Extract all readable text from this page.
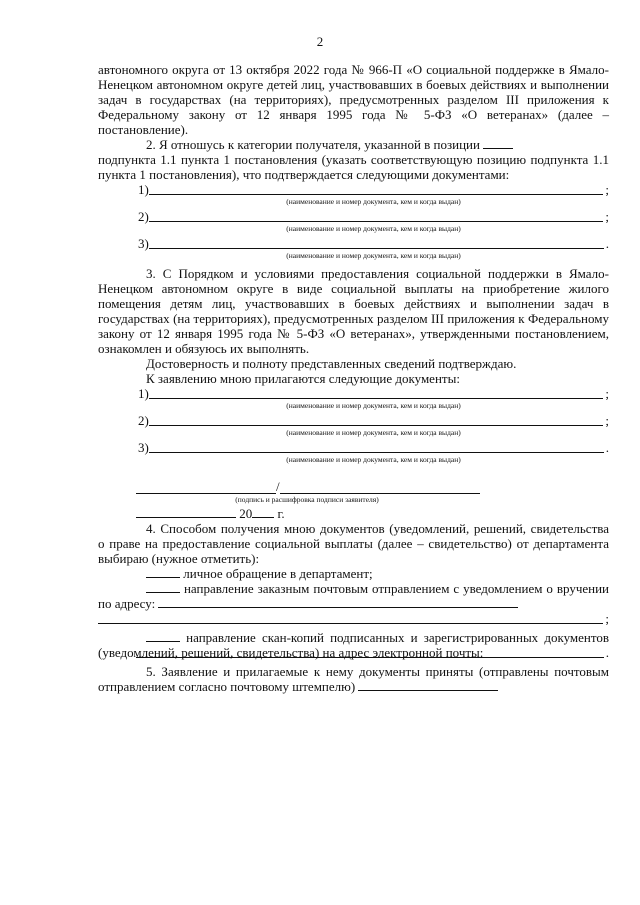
2

автономного округа от 13 октября 2022 года № 966-П «О социальной поддержке в Ямало-Ненецком автономном округе детей лиц, участвовавших в боевых действиях и выполнении задач в государствах (на территориях), предусмотренных разделом III приложения к Федеральному закону от 12 января 1995 года № 5-ФЗ «О ветеранах» (далее – постановление).

2. Я отношусь к категории получателя, указанной в позиции

подпункта 1.1 пункта 1 постановления (указать соответствующую позицию подпункта 1.1 пункта 1 постановления), что подтверждается следующими документами:

1)	;
(наименование и номер документа, кем и когда выдан)
2)	;
(наименование и номер документа, кем и когда выдан)
3)	.
(наименование и номер документа, кем и когда выдан)

3. С Порядком и условиями предоставления социальной поддержки в Ямало-Ненецком автономном округе в виде социальной выплаты на приобретение жилого помещения детям лиц, участвовавших в боевых действиях и выполнении задач в государствах (на территориях), предусмотренных разделом III приложения к Федеральному закону от 12 января 1995 года № 5-ФЗ «О ветеранах», утвержденными постановлением, ознакомлен и обязуюсь их выполнять.

Достоверность и полноту представленных сведений подтверждаю.

К заявлению мною прилагаются следующие документы:

1)	;
(наименование и номер документа, кем и когда выдан)
2)	;
(наименование и номер документа, кем и когда выдан)
3)	.
(наименование и номер документа, кем и когда выдан)
/
(подпись и расшифровка подписи заявителя)
20 г.

4. Способом получения мною документов (уведомлений, решений, свидетельства о праве на предоставление социальной выплаты (далее – свидетельство) от департамента выбираю (нужное отметить):

личное обращение в департамент;

направление заказным почтовым отправлением с уведомлением о вручении по адресу:

;

направление скан-копий подписанных и зарегистрированных документов (уведомлений, решений, свидетельства) на адрес электронной почты:	.

5. Заявление и прилагаемые к нему документы приняты (отправлены почтовым отправлением согласно почтовому штемпелю)
